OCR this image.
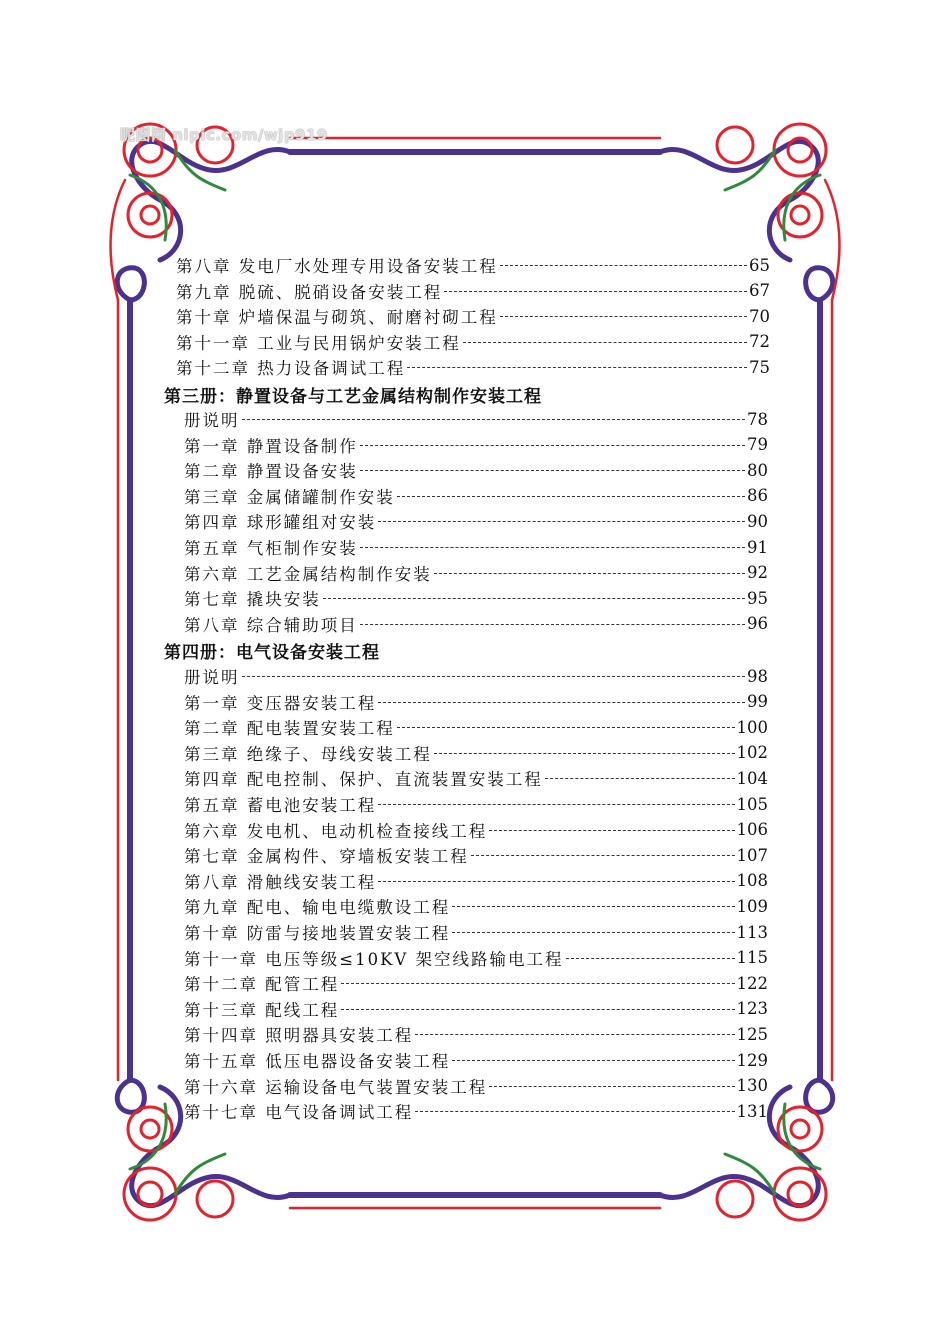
昵图网 nipic.com/wjp919
第八章 发电厂水处理专用设备安装工程	65
第九章 脱硫、脱硝设备安装工程	67
第十章 炉墙保温与砌筑、耐磨衬砌工程	70
第十一章 工业与民用锅炉安装工程	72
第十二章 热力设备调试工程	75
第三册：静置设备与工艺金属结构制作安装工程
册说明	78
第一章 静置设备制作	79
第二章 静置设备安装	80
第三章 金属储罐制作安装	86
第四章 球形罐组对安装	90
第五章 气柜制作安装	91
第六章 工艺金属结构制作安装	92
第七章 撬块安装	95
第八章 综合辅助项目	96
第四册：电气设备安装工程
册说明	98
第一章 变压器安装工程	99
第二章 配电装置安装工程	100
第三章 绝缘子、母线安装工程	102
第四章 配电控制、保护、直流装置安装工程	104
第五章 蓄电池安装工程	105
第六章 发电机、电动机检查接线工程	106
第七章 金属构件、穿墙板安装工程	107
第八章 滑触线安装工程	108
第九章 配电、输电电缆敷设工程	109
第十章 防雷与接地装置安装工程	113
第十一章 电压等级≤10KV 架空线路输电工程	115
第十二章 配管工程	122
第十三章 配线工程	123
第十四章 照明器具安装工程	125
第十五章 低压电器设备安装工程	129
第十六章 运输设备电气装置安装工程	130
第十七章 电气设备调试工程	131
